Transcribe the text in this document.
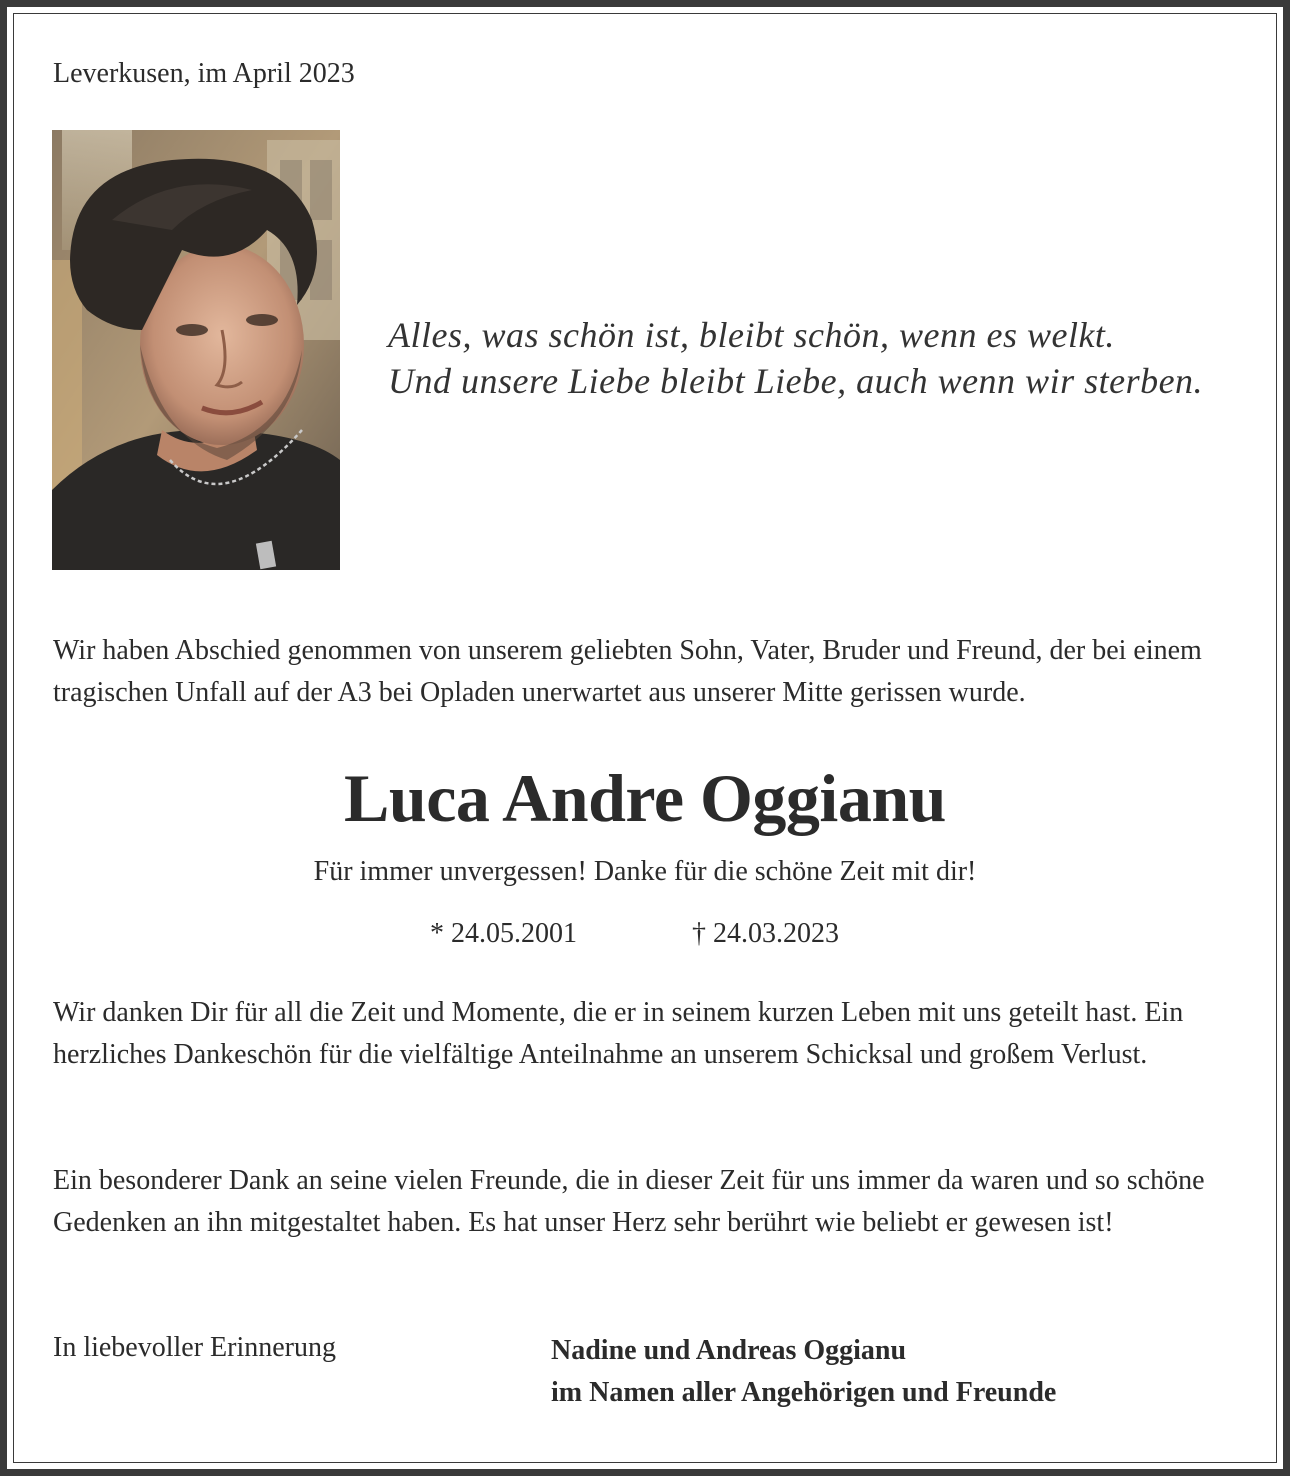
Leverkusen, im April 2023
Alles, was schön ist, bleibt schön, wenn es welkt.
Und unsere Liebe bleibt Liebe, auch wenn wir sterben.
Wir haben Abschied genommen von unserem geliebten Sohn, Vater, Bruder und Freund, der bei einem tragischen Unfall auf der A3 bei Opladen unerwartet aus unserer Mitte gerissen wurde.
Luca Andre Oggianu
Für immer unvergessen! Danke für die schöne Zeit mit dir!
* 24.05.2001	† 24.03.2023
Wir danken Dir für all die Zeit und Momente, die er in seinem kurzen Leben mit uns geteilt hast. Ein herzliches Dankeschön für die vielfältige Anteilnahme an unserem Schicksal und großem Verlust.
Ein besonderer Dank an seine vielen Freunde, die in dieser Zeit für uns immer da waren und so schöne Gedenken an ihn mitgestaltet haben. Es hat unser Herz sehr berührt wie beliebt er gewesen ist!
In liebevoller Erinnerung	Nadine und Andreas Oggianu
im Namen aller Angehörigen und Freunde
